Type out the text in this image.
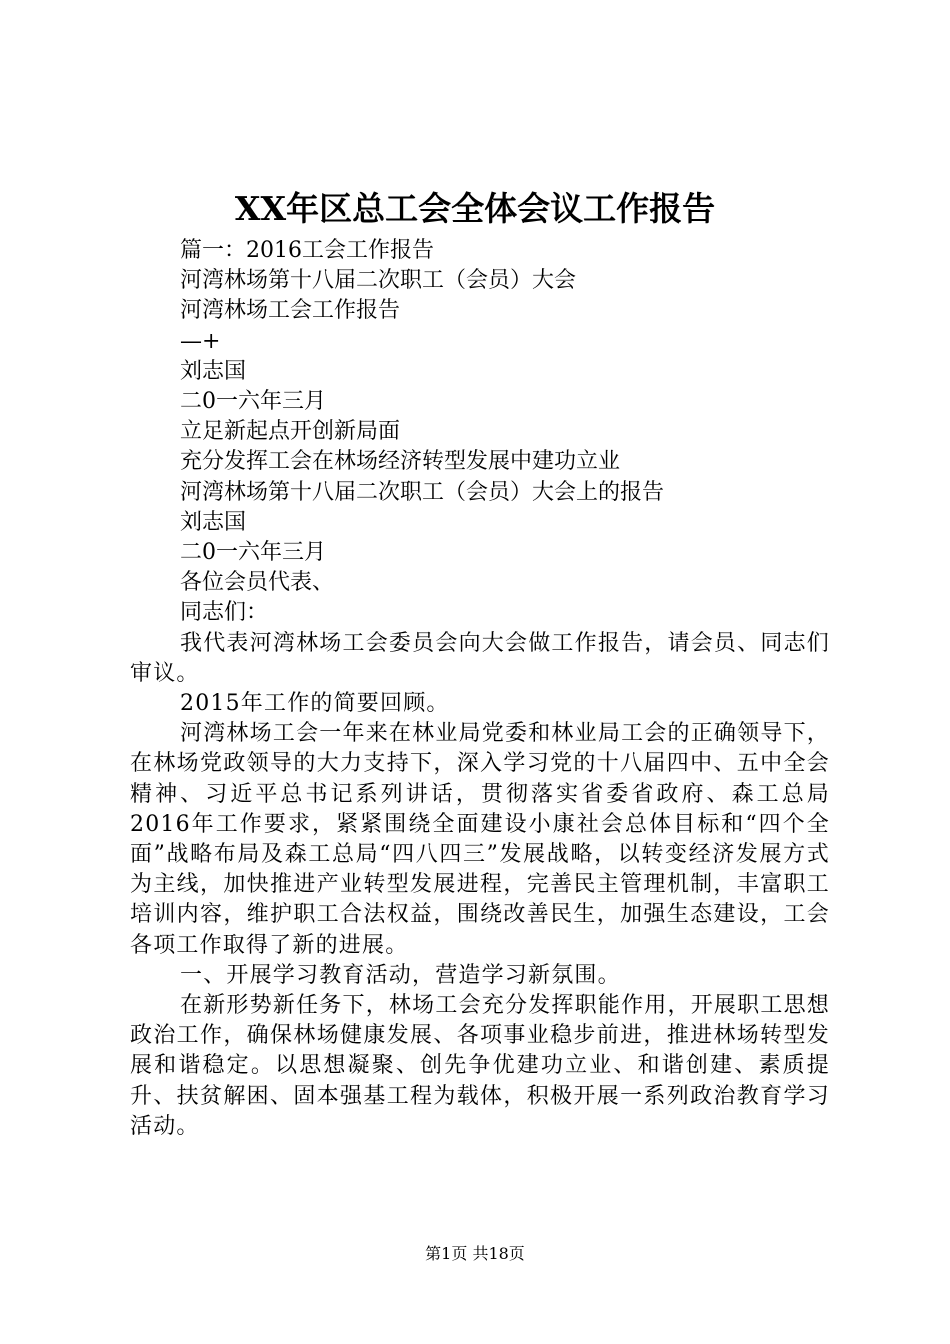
XX年区总工会全体会议工作报告

篇一：2016工会工作报告

河湾林场第十八届二次职工（会员）大会

河湾林场工会工作报告

—+

刘志国

二0一六年三月

立足新起点开创新局面

充分发挥工会在林场经济转型发展中建功立业

河湾林场第十八届二次职工（会员）大会上的报告

刘志国

二0一六年三月

各位会员代表、

同志们：

我代表河湾林场工会委员会向大会做工作报告，请会员、同志们审议。

2015年工作的简要回顾。

河湾林场工会一年来在林业局党委和林业局工会的正确领导下，在林场党政领导的大力支持下，深入学习党的十八届四中、五中全会精神、习近平总书记系列讲话，贯彻落实省委省政府、森工总局2016年工作要求，紧紧围绕全面建设小康社会总体目标和“四个全面”战略布局及森工总局“四八四三”发展战略，以转变经济发展方式为主线，加快推进产业转型发展进程，完善民主管理机制，丰富职工培训内容，维护职工合法权益，围绕改善民生，加强生态建设，工会各项工作取得了新的进展。

一、开展学习教育活动，营造学习新氛围。

在新形势新任务下，林场工会充分发挥职能作用，开展职工思想政治工作，确保林场健康发展、各项事业稳步前进，推进林场转型发展和谐稳定。以思想凝聚、创先争优建功立业、和谐创建、素质提升、扶贫解困、固本强基工程为载体，积极开展一系列政治教育学习活动。

第1页 共18页
